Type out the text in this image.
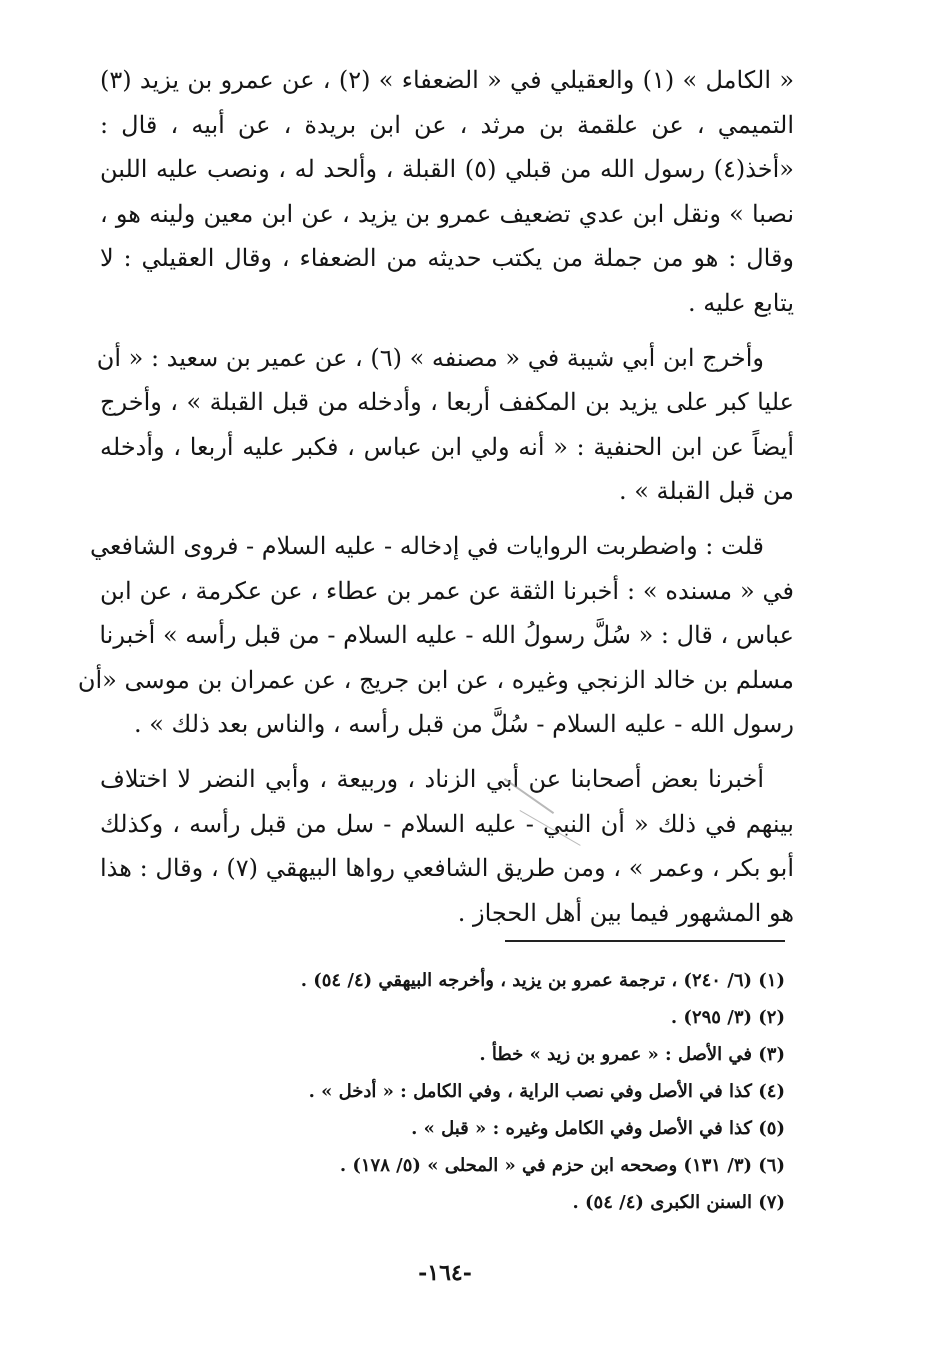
« الكامل » (١) والعقيلي في « الضعفاء » (٢) ، عن عمرو بن يزيد (٣)
التميمي ، عن علقمة بن مرثد ، عن ابن بريدة ، عن أبيه ، قال :
«أخذ(٤) رسول الله من قبلي (٥) القبلة ، وألحد له ، ونصب عليه اللبن
نصبا » ونقل ابن عدي تضعيف عمرو بن يزيد ، عن ابن معين ولينه هو ،
وقال : هو من جملة من يكتب حديثه من الضعفاء ، وقال العقيلي : لا
يتابع عليه .

وأخرج ابن أبي شيبة في « مصنفه » (٦) ، عن عمير بن سعيد : « أن
عليا كبر على يزيد بن المكفف أربعا ، وأدخله من قبل القبلة » ، وأخرج
أيضاً عن ابن الحنفية : « أنه ولي ابن عباس ، فكبر عليه أربعا ، وأدخله
من قبل القبلة » .

قلت : واضطربت الروايات في إدخاله - عليه السلام - فروى الشافعي
في « مسنده » : أخبرنا الثقة عن عمر بن عطاء ، عن عكرمة ، عن ابن
عباس ، قال : « سُلَّ رسولُ الله - عليه السلام - من قبل رأسه » أخبرنا
مسلم بن خالد الزنجي وغيره ، عن ابن جريج ، عن عمران بن موسى «أن
رسول الله - عليه السلام - سُلَّ من قبل رأسه ، والناس بعد ذلك » .

أخبرنا بعض أصحابنا عن أبي الزناد ، وربيعة ، وأبي النضر لا اختلاف
بينهم في ذلك « أن النبي - عليه السلام - سل من قبل رأسه ، وكذلك
أبو بكر ، وعمر » ، ومن طريق الشافعي رواها البيهقي (٧) ، وقال : هذا
هو المشهور فيما بين أهل الحجاز .

(١) (٦/ ٢٤٠) ، ترجمة عمرو بن يزيد ، وأخرجه البيهقي (٤/ ٥٤) .
(٢) (٣/ ٢٩٥) .
(٣) في الأصل : « عمرو بن زيد » خطأ .
(٤) كذا في الأصل وفي نصب الراية ، وفي الكامل : « أدخل » .
(٥) كذا في الأصل وفي الكامل وغيره : « قبل » .
(٦) (٣/ ١٣١) وصححه ابن حزم في « المحلى » (٥/ ١٧٨) .
(٧) السنن الكبرى (٤/ ٥٤) .
-١٦٤-
